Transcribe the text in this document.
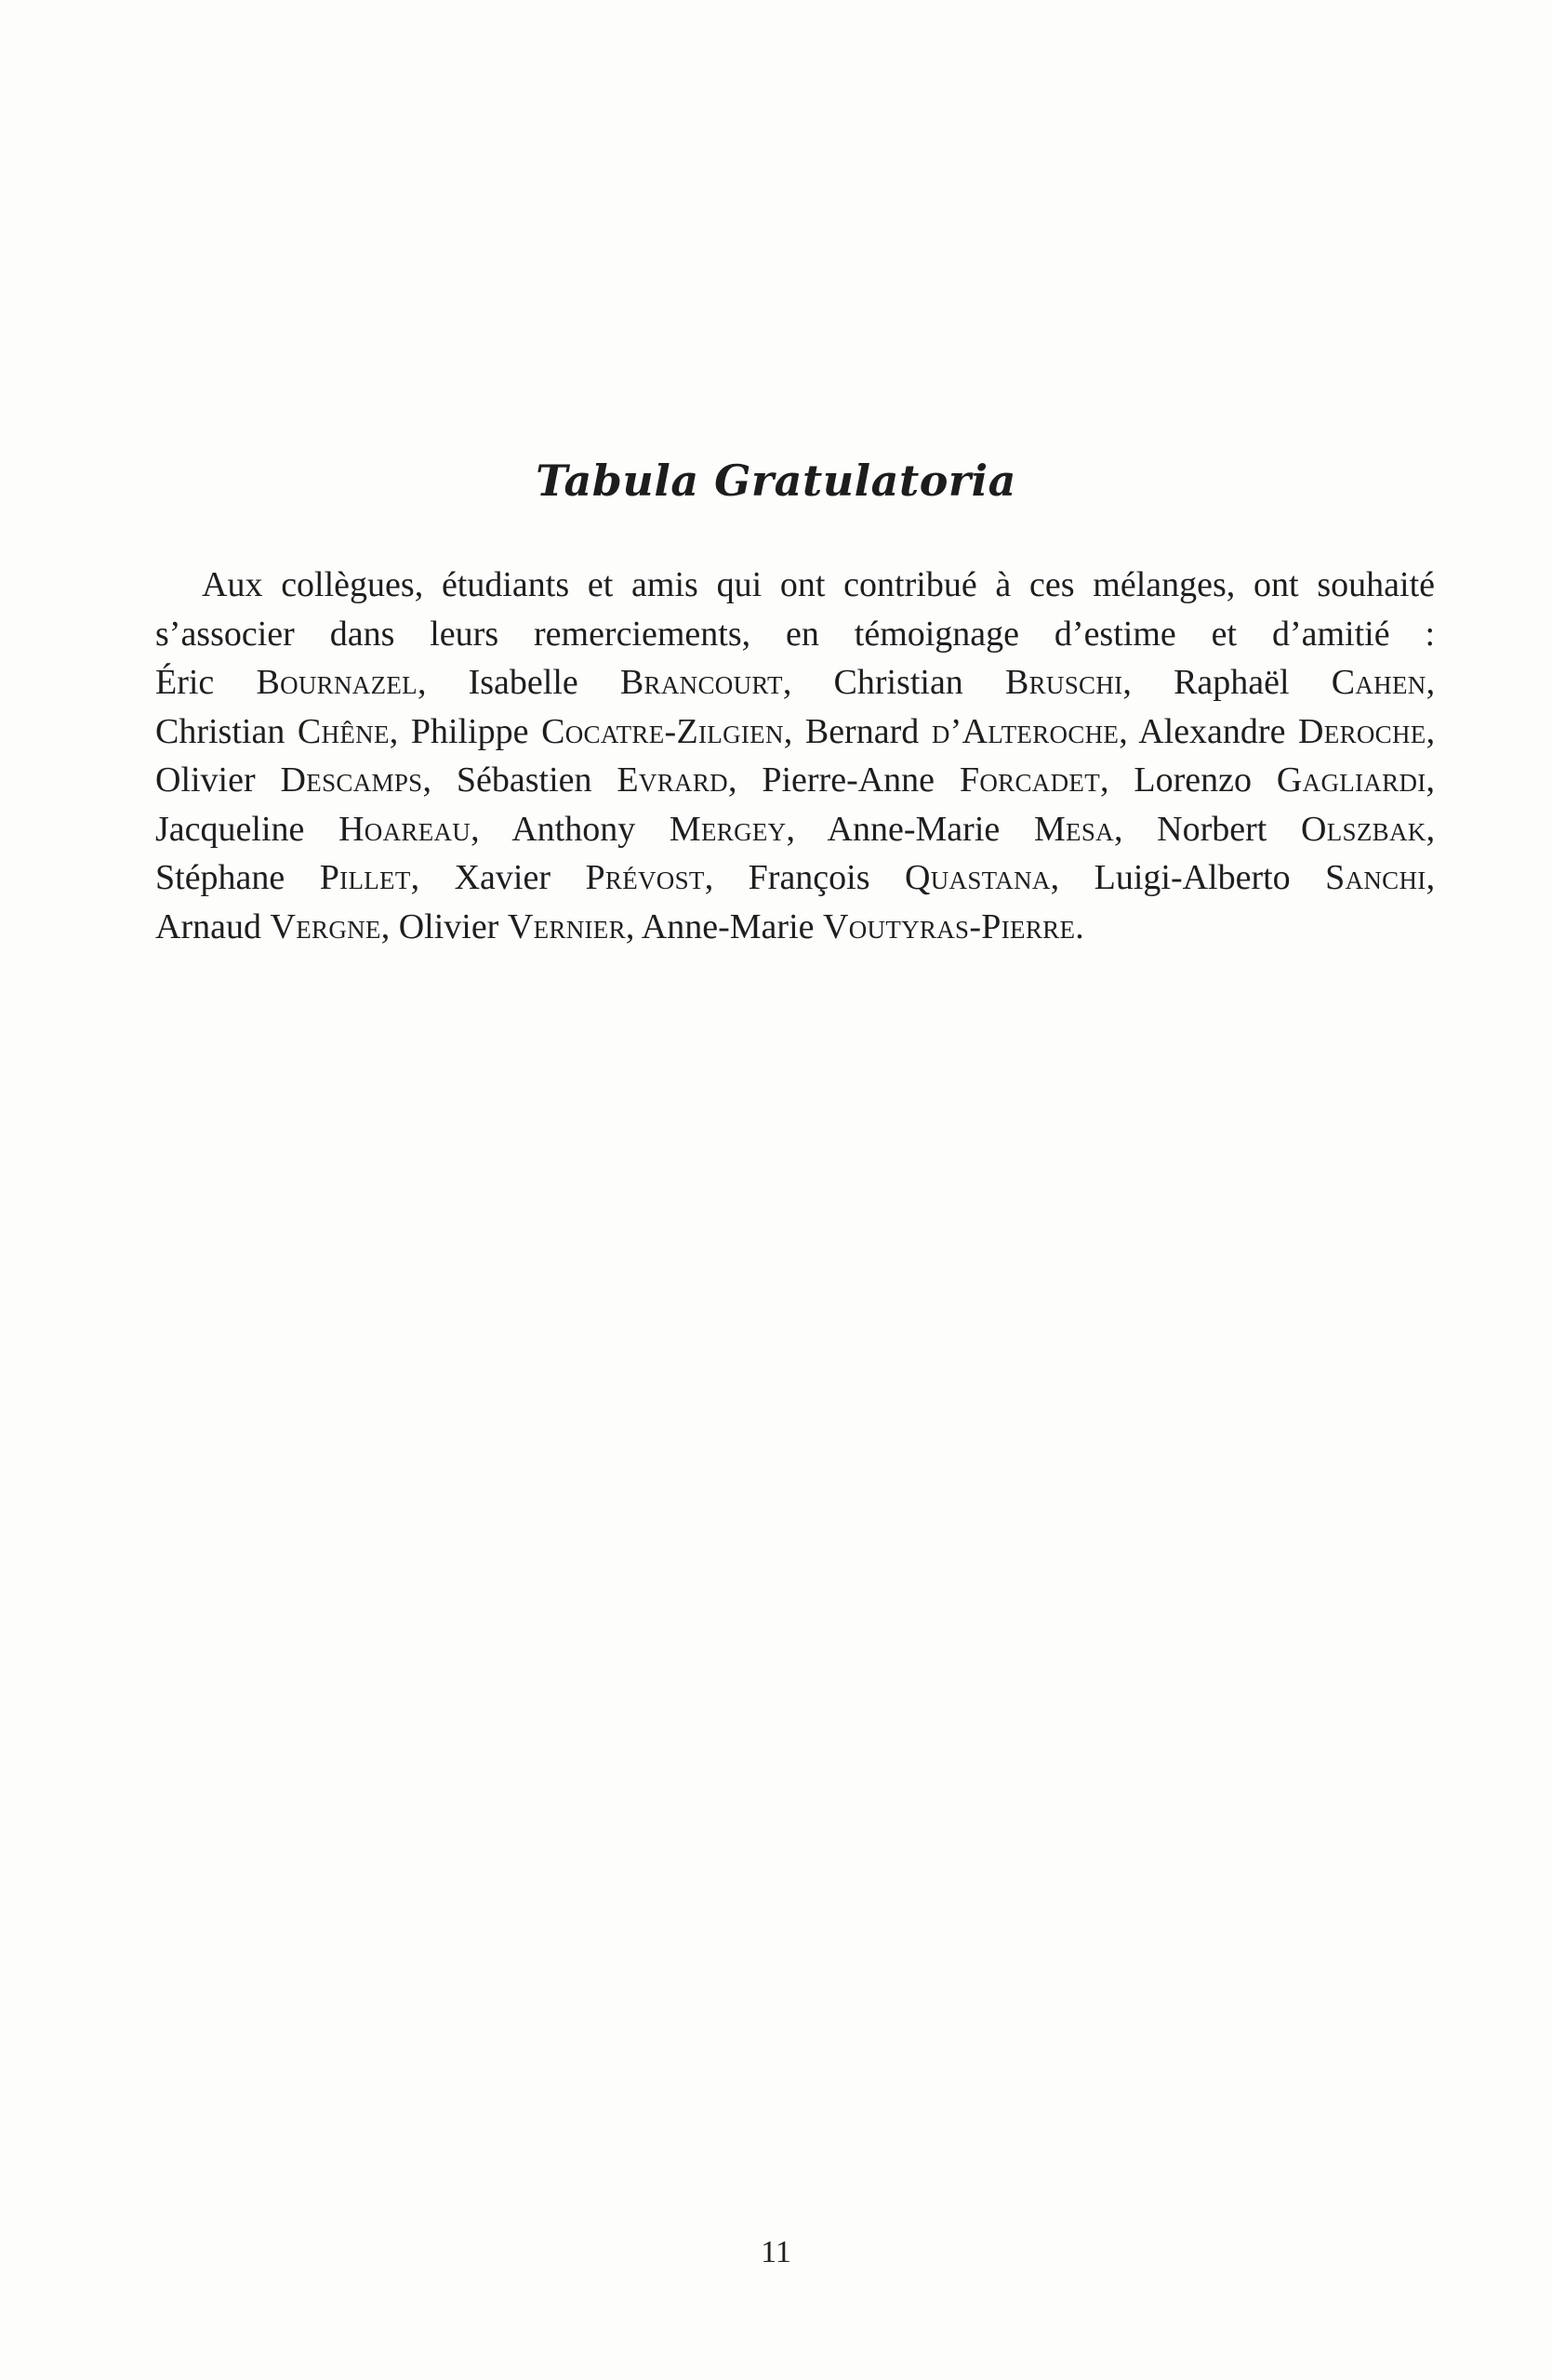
Tabula Gratulatoria

Aux collègues, étudiants et amis qui ont contribué à ces mélanges, ont souhaité s’associer dans leurs remerciements, en témoignage d’estime et d’amitié : Éric Bournazel, Isabelle Brancourt, Christian Bruschi, Raphaël Cahen, Christian Chêne, Philippe Cocatre-Zilgien, Bernard d’Alteroche, Alexandre Deroche, Olivier Descamps, Sébastien Evrard, Pierre-Anne Forcadet, Lorenzo Gagliardi, Jacqueline Hoareau, Anthony Mergey, Anne-Marie Mesa, Norbert Olszbak, Stéphane Pillet, Xavier Prévost, François Quastana, Luigi-Alberto Sanchi, Arnaud Vergne, Olivier Vernier, Anne-Marie Voutyras-Pierre.

11
